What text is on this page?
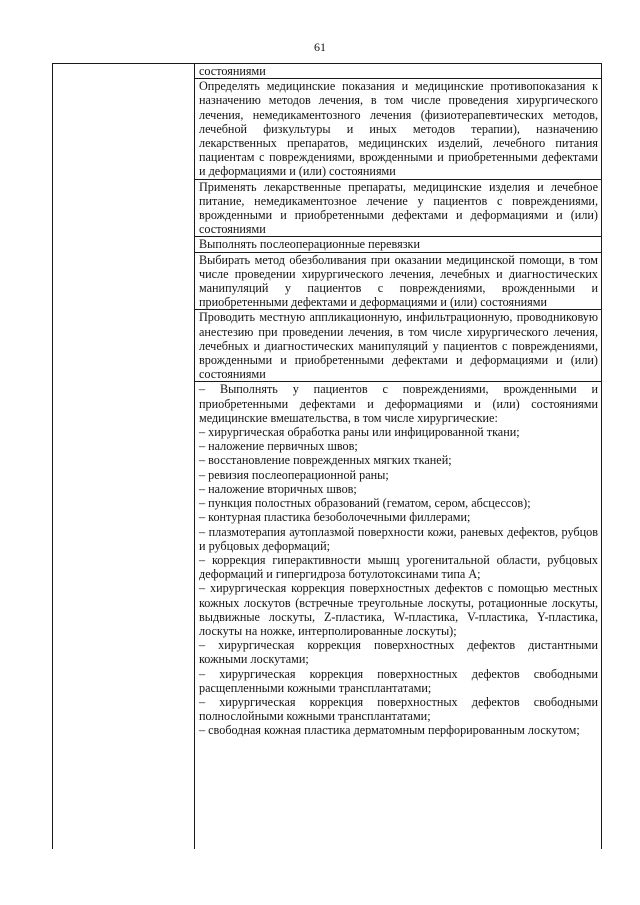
61

состояниями

Определять медицинские показания и медицинские противопоказания к назначению методов лечения, в том числе проведения хирургического лечения, немедикаментозного лечения (физиотерапевтических методов, лечебной физкультуры и иных методов терапии), назначению лекарственных препаратов, медицинских изделий, лечебного питания пациентам с повреждениями, врожденными и приобретенными дефектами и деформациями и (или) состояниями

Применять лекарственные препараты, медицинские изделия и лечебное питание, немедикаментозное лечение у пациентов с повреждениями, врожденными и приобретенными дефектами и деформациями и (или) состояниями

Выполнять послеоперационные перевязки

Выбирать метод обезболивания при оказании медицинской помощи, в том числе проведении хирургического лечения, лечебных и диагностических манипуляций у пациентов с повреждениями, врожденными и приобретенными дефектами и деформациями и (или) состояниями

Проводить местную аппликационную, инфильтрационную, проводниковую анестезию при проведении лечения, в том числе хирургического лечения, лечебных и диагностических манипуляций у пациентов с повреждениями, врожденными и приобретенными дефектами и деформациями и (или) состояниями

– Выполнять у пациентов с повреждениями, врожденными и приобретенными дефектами и деформациями и (или) состояниями медицинские вмешательства, в том числе хирургические:

– хирургическая обработка раны или инфицированной ткани;

– наложение первичных швов;

– восстановление поврежденных мягких тканей;

– ревизия послеоперационной раны;

– наложение вторичных швов;

– пункция полостных образований (гематом, сером, абсцессов);

– контурная пластика безоболочечными филлерами;

– плазмотерапия аутоплазмой поверхности кожи, раневых дефектов, рубцов и рубцовых деформаций;

– коррекция гиперактивности мышц урогенитальной области, рубцовых деформаций и гипергидроза ботулотоксинами типа А;

– хирургическая коррекция поверхностных дефектов с помощью местных кожных лоскутов (встречные треугольные лоскуты, ротационные лоскуты, выдвижные лоскуты, Z-пластика, W-пластика, V-пластика, Y-пластика, лоскуты на ножке, интерполированные лоскуты);

– хирургическая коррекция поверхностных дефектов дистантными кожными лоскутами;

– хирургическая коррекция поверхностных дефектов свободными расщепленными кожными трансплантатами;

– хирургическая коррекция поверхностных дефектов свободными полнослойными кожными трансплантатами;

– свободная кожная пластика дерматомным перфорированным лоскутом;
